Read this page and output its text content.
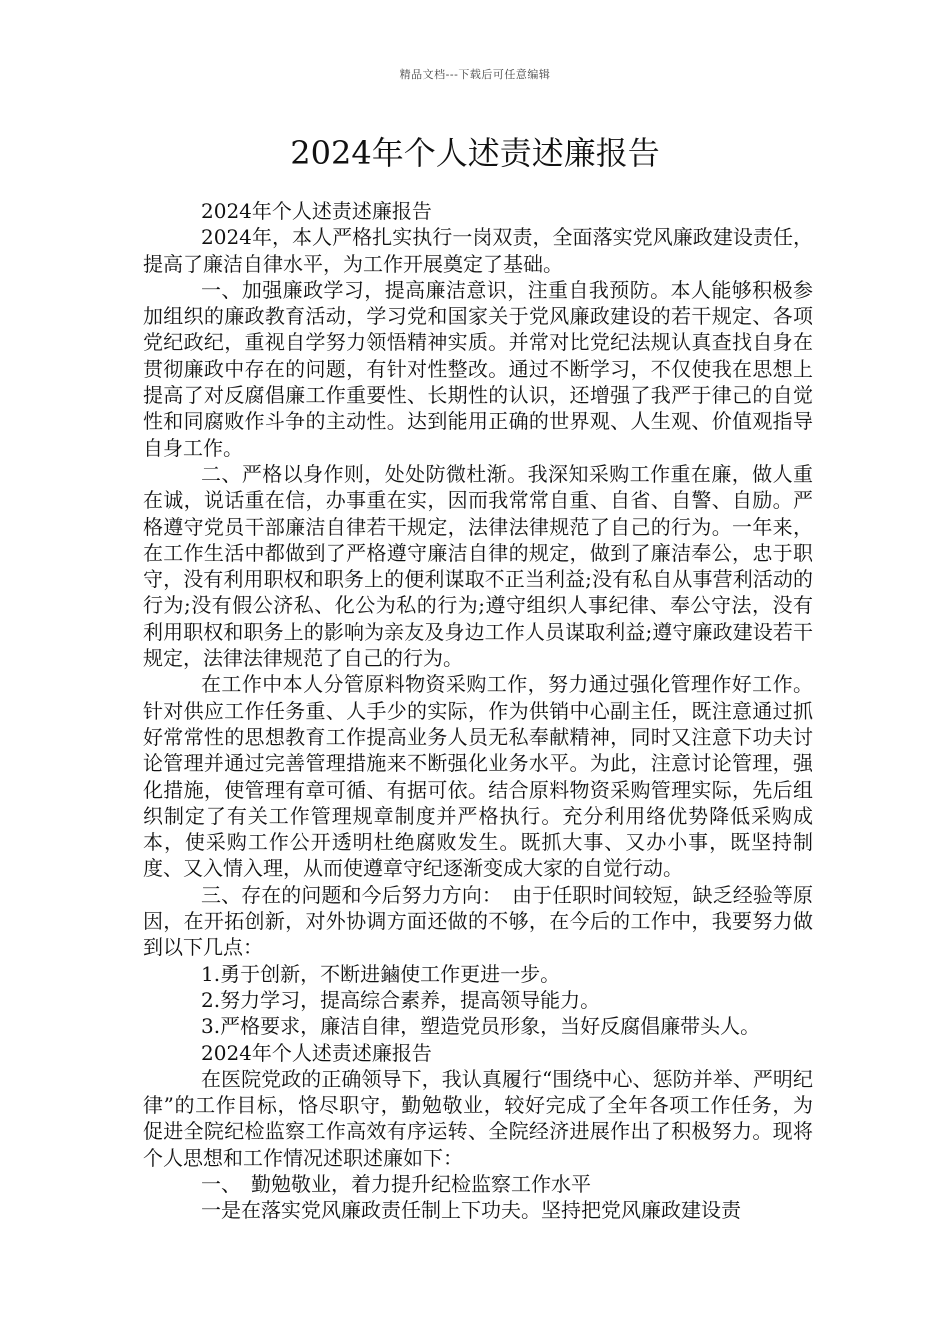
精品文档---下载后可任意编辑
2024年个人述责述廉报告

2024年个人述责述廉报告

2024年，本人严格扎实执行一岗双责，全面落实党风廉政建设责任，提高了廉洁自律水平，为工作开展奠定了基础。

一、加强廉政学习，提高廉洁意识，注重自我预防。本人能够积极参加组织的廉政教育活动，学习党和国家关于党风廉政建设的若干规定、各项党纪政纪，重视自学努力领悟精神实质。并常对比党纪法规认真查找自身在贯彻廉政中存在的问题，有针对性整改。通过不断学习，不仅使我在思想上提高了对反腐倡廉工作重要性、长期性的认识，还增强了我严于律己的自觉性和同腐败作斗争的主动性。达到能用正确的世界观、人生观、价值观指导自身工作。

二、严格以身作则，处处防微杜渐。我深知采购工作重在廉，做人重在诚，说话重在信，办事重在实，因而我常常自重、自省、自警、自励。严格遵守党员干部廉洁自律若干规定，法律法律规范了自己的行为。一年来，在工作生活中都做到了严格遵守廉洁自律的规定，做到了廉洁奉公，忠于职守，没有利用职权和职务上的便利谋取不正当利益;没有私自从事营利活动的行为;没有假公济私、化公为私的行为;遵守组织人事纪律、奉公守法，没有利用职权和职务上的影响为亲友及身边工作人员谋取利益;遵守廉政建设若干规定，法律法律规范了自己的行为。

在工作中本人分管原料物资采购工作，努力通过强化管理作好工作。针对供应工作任务重、人手少的实际，作为供销中心副主任，既注意通过抓好常常性的思想教育工作提高业务人员无私奉献精神，同时又注意下功夫讨论管理并通过完善管理措施来不断强化业务水平。为此，注意讨论管理，强化措施，使管理有章可循、有据可依。结合原料物资采购管理实际，先后组织制定了有关工作管理规章制度并严格执行。充分利用络优势降低采购成本，使采购工作公开透明杜绝腐败发生。既抓大事、又办小事，既坚持制度、又入情入理，从而使遵章守纪逐渐变成大家的自觉行动。

三、存在的问题和今后努力方向：　由于任职时间较短，缺乏经验等原因，在开拓创新，对外协调方面还做的不够，在今后的工作中，我要努力做到以下几点：

1.勇于创新，不断进鏀使工作更进一步。

2.努力学习，提高综合素养，提高领导能力。

3.严格要求，廉洁自律，塑造党员形象，当好反腐倡廉带头人。

2024年个人述责述廉报告

在医院党政的正确领导下，我认真履行“围绕中心、惩防并举、严明纪律”的工作目标，恪尽职守，勤勉敬业，较好完成了全年各项工作任务，为促进全院纪检监察工作高效有序运转、全院经济进展作出了积极努力。现将个人思想和工作情况述职述廉如下：

一、　勤勉敬业，着力提升纪检监察工作水平

一是在落实党风廉政责任制上下功夫。坚持把党风廉政建设责
